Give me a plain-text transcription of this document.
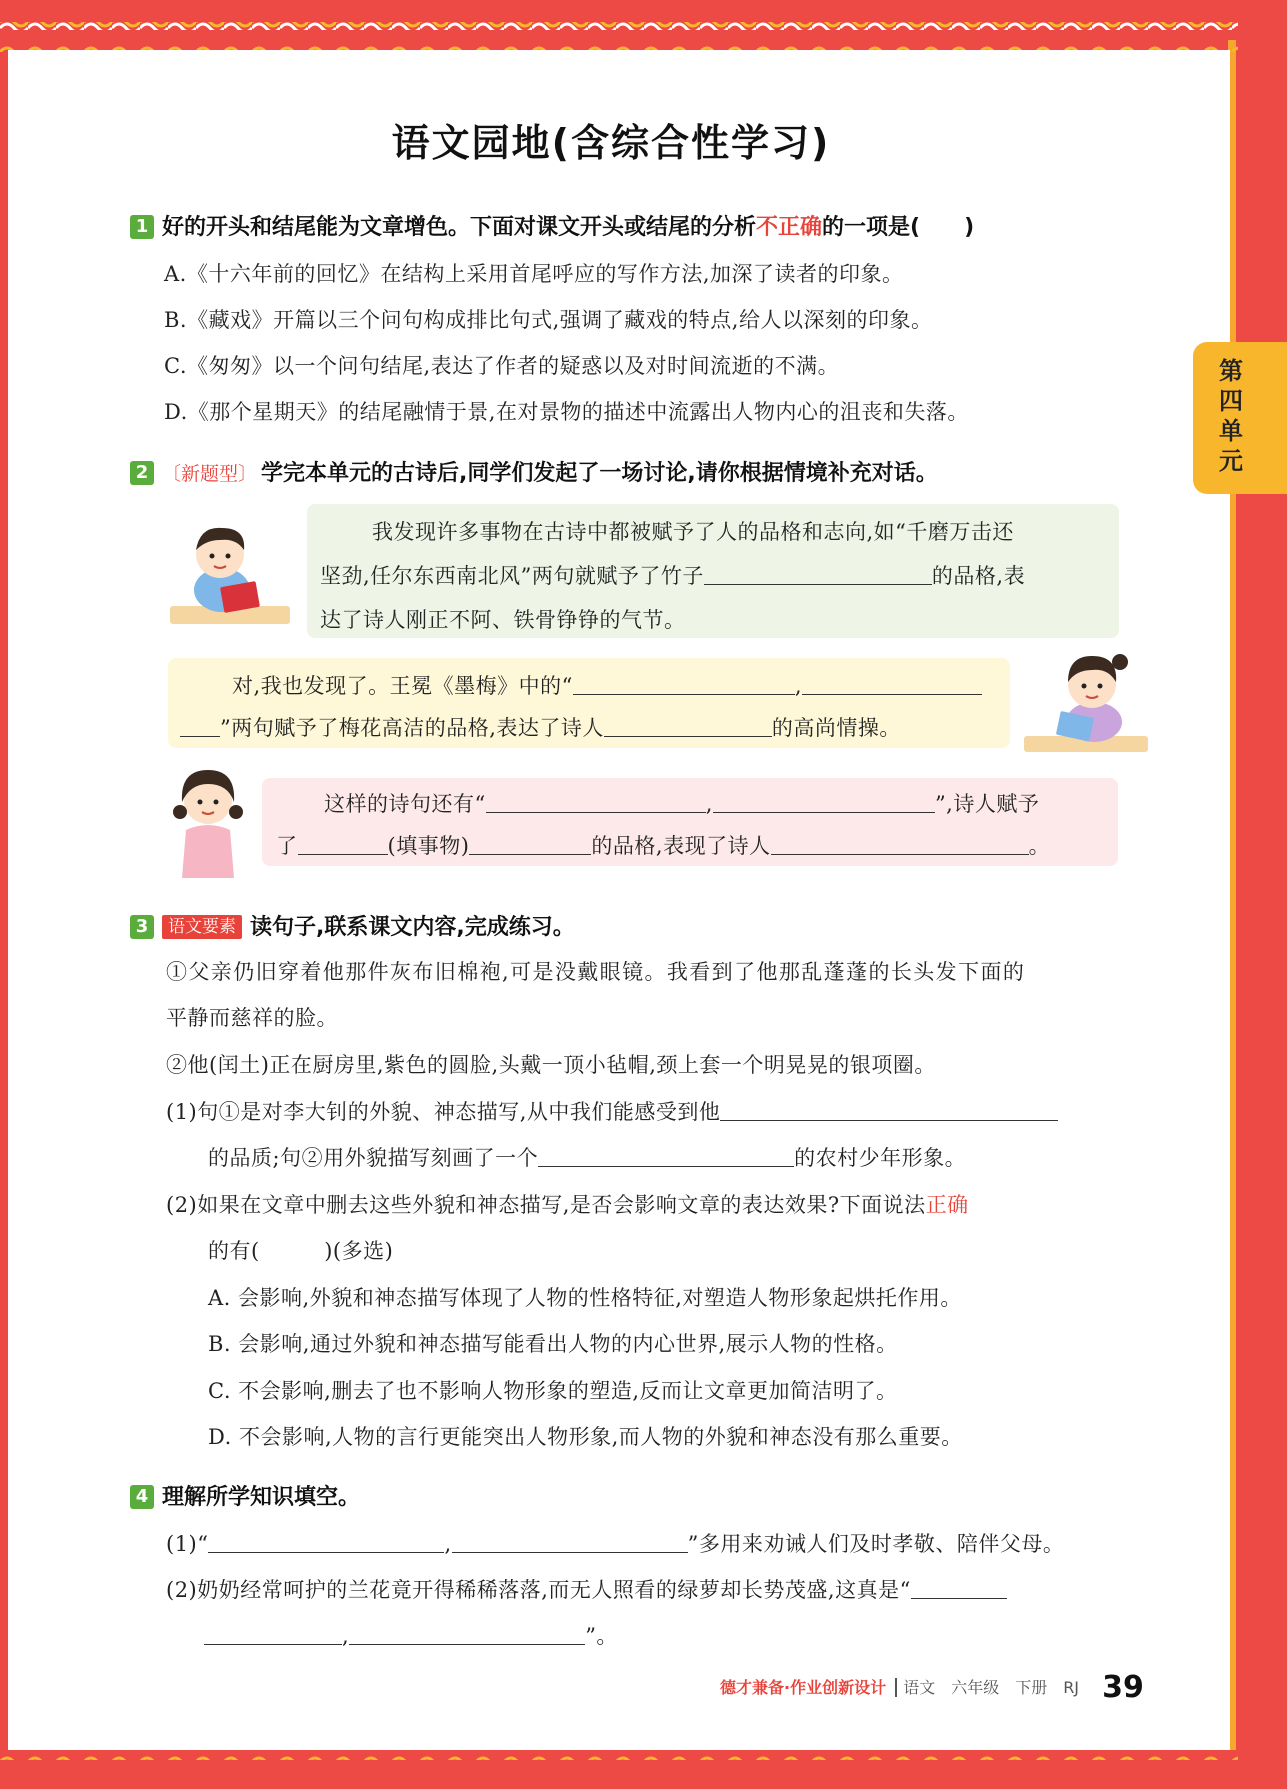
语文园地(含综合性学习)
第四单元
1 好的开头和结尾能为文章增色。下面对课文开头或结尾的分析不正确的一项是(　　)
A.《十六年前的回忆》在结构上采用首尾呼应的写作方法,加深了读者的印象。
B.《藏戏》开篇以三个问句构成排比句式,强调了藏戏的特点,给人以深刻的印象。
C.《匆匆》以一个问句结尾,表达了作者的疑惑以及对时间流逝的不满。
D.《那个星期天》的结尾融情于景,在对景物的描述中流露出人物内心的沮丧和失落。
2 〔新题型〕 学完本单元的古诗后,同学们发起了一场讨论,请你根据情境补充对话。
我发现许多事物在古诗中都被赋予了人的品格和志向,如“千磨万击还
坚劲,任尔东西南北风”两句就赋予了竹子	的品格,表
达了诗人刚正不阿、铁骨铮铮的气节。
对,我也发现了。王冕《墨梅》中的“	,
”两句赋予了梅花高洁的品格,表达了诗人	的高尚情操。
这样的诗句还有“	,	”,诗人赋予
了	(填事物)	的品格,表现了诗人	。
3 语文要素 读句子,联系课文内容,完成练习。
①父亲仍旧穿着他那件灰布旧棉袍,可是没戴眼镜。我看到了他那乱蓬蓬的长头发下面的
平静而慈祥的脸。
②他(闰土)正在厨房里,紫色的圆脸,头戴一顶小毡帽,颈上套一个明晃晃的银项圈。
(1)句①是对李大钊的外貌、神态描写,从中我们能感受到他
的品质;句②用外貌描写刻画了一个	的农村少年形象。
(2)如果在文章中删去这些外貌和神态描写,是否会影响文章的表达效果?下面说法正确
的有(　　　)(多选)
A. 会影响,外貌和神态描写体现了人物的性格特征,对塑造人物形象起烘托作用。
B. 会影响,通过外貌和神态描写能看出人物的内心世界,展示人物的性格。
C. 不会影响,删去了也不影响人物形象的塑造,反而让文章更加简洁明了。
D. 不会影响,人物的言行更能突出人物形象,而人物的外貌和神态没有那么重要。
4 理解所学知识填空。
(1)“	,	”多用来劝诫人们及时孝敬、陪伴父母。
(2)奶奶经常呵护的兰花竟开得稀稀落落,而无人照看的绿萝却长势茂盛,这真是“
,	”。
德才兼备·作业创新设计 语文　六年级　下册　RJ 39
